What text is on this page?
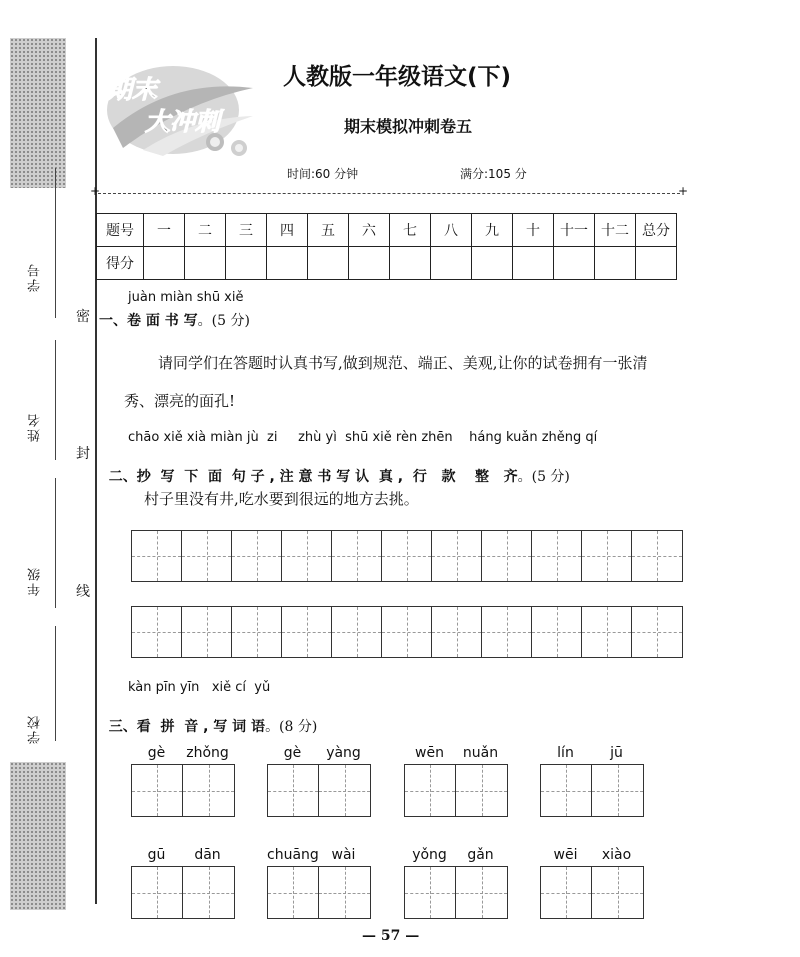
学号
姓名
年级
学校
密
封
线
期末
大冲刺
人教版一年级语文(下)
期末模拟冲刺卷五
时间:60 分钟	满分:105 分
+ +
题号	一	二	三	四	五	六	七	八	九	十	十一	十二	总分
得分													
juàn miàn shū xiě
一、卷 面 书 写。(5 分)
请同学们在答题时认真书写,做到规范、端正、美观,让你的试卷拥有一张清
秀、漂亮的面孔!
chāo xiě xià miàn jù  zi     zhù yì  shū xiě rèn zhēn    háng kuǎn zhěng qí

二、抄  写  下  面  句 子 , 注 意 书 写 认  真 ,  行   款    整   齐。(5 分)

村子里没有井,吃水要到很远的地方去挑。
kàn pīn yīn   xiě cí  yǔ

三、看  拼  音 , 写 词 语。(8 分)

gè	zhǒng	gè	yàng	wēn	nuǎn	lín	jū
gū	dān	chuāng wài	yǒng	gǎn	wēi	xiào
— 57 —
